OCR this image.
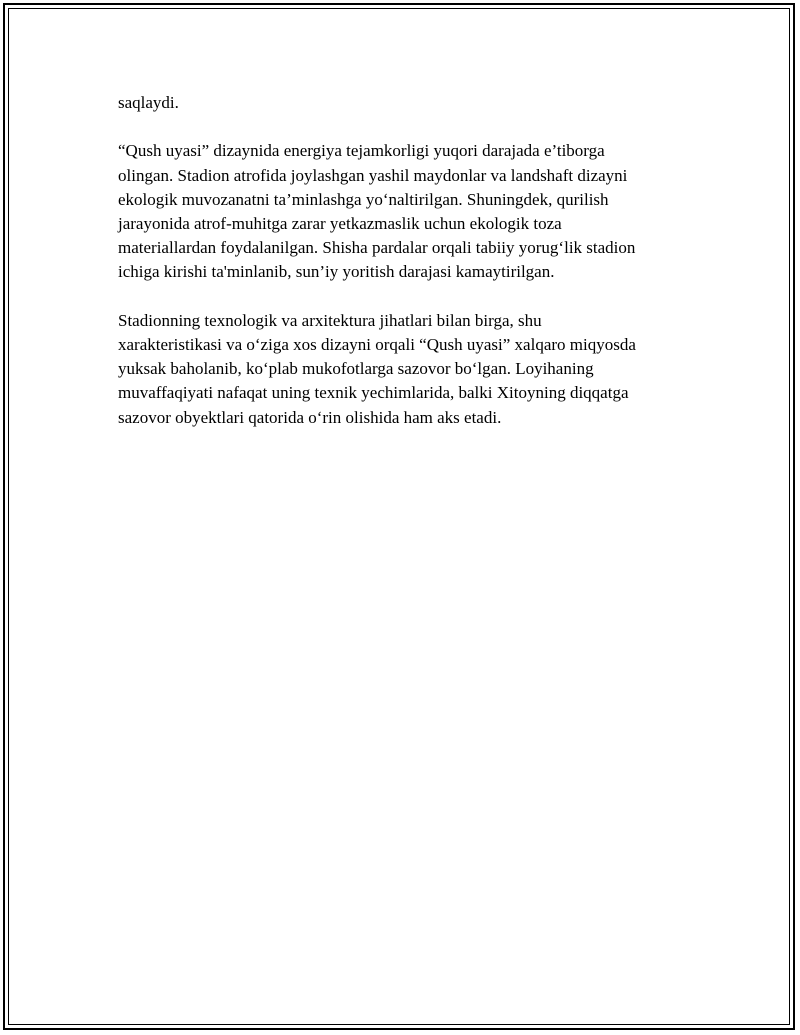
saqlaydi.

“Qush uyasi” dizaynida energiya tejamkorligi yuqori darajada e’tiborga
olingan. Stadion atrofida joylashgan yashil maydonlar va landshaft dizayni
ekologik muvozanatni ta’minlashga yo‘naltirilgan. Shuningdek, qurilish
jarayonida atrof-muhitga zarar yetkazmaslik uchun ekologik toza
materiallardan foydalanilgan. Shisha pardalar orqali tabiiy yorug‘lik stadion
ichiga kirishi ta'minlanib, sun’iy yoritish darajasi kamaytirilgan.

Stadionning texnologik va arxitektura jihatlari bilan birga, shu
xarakteristikasi va o‘ziga xos dizayni orqali “Qush uyasi” xalqaro miqyosda
yuksak baholanib, ko‘plab mukofotlarga sazovor bo‘lgan. Loyihaning
muvaffaqiyati nafaqat uning texnik yechimlarida, balki Xitoyning diqqatga
sazovor obyektlari qatorida o‘rin olishida ham aks etadi.
